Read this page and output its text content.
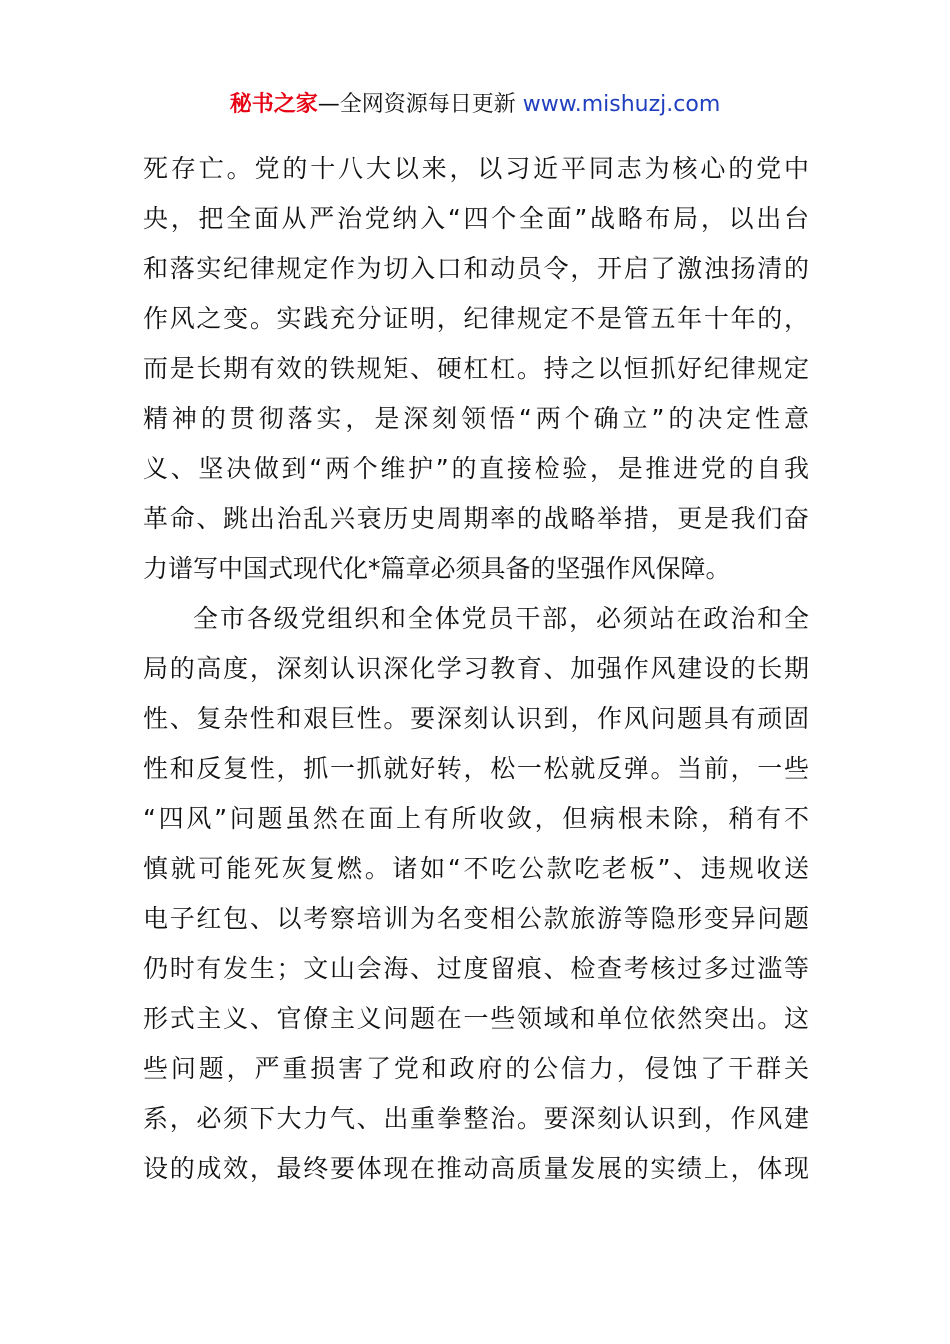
秘书之家—全网资源每日更新 www.mishuzj.com
死存亡。党的十八大以来，以习近平同志为核心的党中
央，把全面从严治党纳入“四个全面”战略布局，以出台
和落实纪律规定作为切入口和动员令，开启了激浊扬清的
作风之变。实践充分证明，纪律规定不是管五年十年的，
而是长期有效的铁规矩、硬杠杠。持之以恒抓好纪律规定
精神的贯彻落实，是深刻领悟“两个确立”的决定性意
义、坚决做到“两个维护”的直接检验，是推进党的自我
革命、跳出治乱兴衰历史周期率的战略举措，更是我们奋
力谱写中国式现代化*篇章必须具备的坚强作风保障。
全市各级党组织和全体党员干部，必须站在政治和全
局的高度，深刻认识深化学习教育、加强作风建设的长期
性、复杂性和艰巨性。要深刻认识到，作风问题具有顽固
性和反复性，抓一抓就好转，松一松就反弹。当前，一些
“四风”问题虽然在面上有所收敛，但病根未除，稍有不
慎就可能死灰复燃。诸如“不吃公款吃老板”、违规收送
电子红包、以考察培训为名变相公款旅游等隐形变异问题
仍时有发生；文山会海、过度留痕、检查考核过多过滥等
形式主义、官僚主义问题在一些领域和单位依然突出。这
些问题，严重损害了党和政府的公信力，侵蚀了干群关
系，必须下大力气、出重拳整治。要深刻认识到，作风建
设的成效，最终要体现在推动高质量发展的实绩上，体现
